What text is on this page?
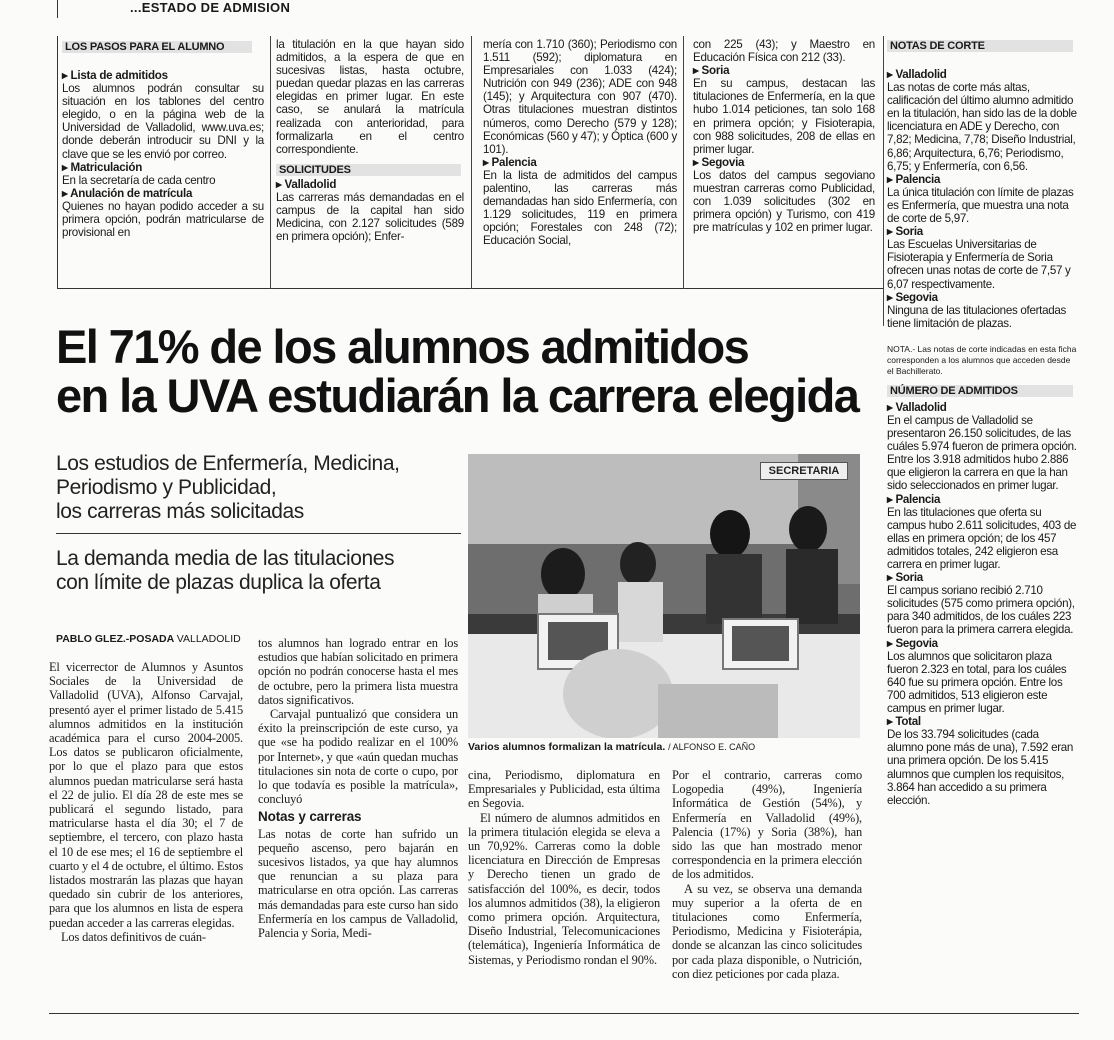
...ESTADO DE ADMISION
LOS PASOS PARA EL ALUMNO
▸ Lista de admitidos

Los alumnos podrán consultar su situación en los tablones del centro elegido, o en la página web de la Universidad de Valladolid, www.uva.es; donde deberán introducir su DNI y la clave que se les envió por correo.

▸ Matriculación

En la secretaría de cada centro

▸ Anulación de matrícula

Quienes no hayan podido acceder a su primera opción, podrán matricularse de provisional en

la titulación en la que hayan sido admitidos, a la espera de que en sucesivas listas, hasta octubre, puedan quedar plazas en las carreras elegidas en primer lugar. En este caso, se anulará la matrícula realizada con anterioridad, para formalizarla en el centro correspondiente.

SOLICITUDES
▸ Valladolid

Las carreras más demandadas en el campus de la capital han sido Medicina, con 2.127 solicitudes (589 en primera opción); Enfer-

mería con 1.710 (360); Periodismo con 1.511 (592); diplomatura en Empresariales con 1.033 (424); Nutrición con 949 (236); ADE con 948 (145); y Arquitectura con 907 (470). Otras titulaciones muestran distintos números, como Derecho (579 y 128); Económicas (560 y 47); y Óptica (600 y 101).

▸ Palencia

En la lista de admitidos del campus palentino, las carreras más demandadas han sido Enfermería, con 1.129 solicitudes, 119 en primera opción; Forestales con 248 (72); Educación Social,

con 225 (43); y Maestro en Educación Física con 212 (33).

▸ Soria

En su campus, destacan las titulaciones de Enfermería, en la que hubo 1.014 peticiones, tan solo 168 en primera opción; y Fisioterapia, con 988 solicitudes, 208 de ellas en primer lugar.

▸ Segovia

Los datos del campus segoviano muestran carreras como Publicidad, con 1.039 solicitudes (302 en primera opción) y Turismo, con 419 pre matrículas y 102 en primer lugar.

El 71% de los alumnos admitidos
en la UVA estudiarán la carrera elegida
Los estudios de Enfermería, Medicina,
Periodismo y Publicidad,
los carreras más solicitadas
La demanda media de las titulaciones
con límite de plazas duplica la oferta
PABLO GLEZ.-POSADA VALLADOLID

El vicerrector de Alumnos y Asuntos Sociales de la Universidad de Valladolid (UVA), Alfonso Carvajal, presentó ayer el primer listado de 5.415 alumnos admitidos en la institución académica para el curso 2004-2005. Los datos se publicaron oficialmente, por lo que el plazo para que estos alumnos puedan matricularse será hasta el 22 de julio. El día 28 de este mes se publicará el segundo listado, para matricularse hasta el día 30; el 7 de septiembre, el tercero, con plazo hasta el 10 de ese mes; el 16 de septiembre el cuarto y el 4 de octubre, el último. Estos listados mostrarán las plazas que hayan quedado sin cubrir de los anteriores, para que los alumnos en lista de espera puedan acceder a las carreras elegidas.

Los datos definitivos de cuán-

tos alumnos han logrado entrar en los estudios que habían solicitado en primera opción no podrán conocerse hasta el mes de octubre, pero la primera lista muestra datos significativos.

Carvajal puntualizó que considera un éxito la preinscripción de este curso, ya que «se ha podido realizar en el 100% por Internet», y que «aún quedan muchas titulaciones sin nota de corte o cupo, por lo que todavía es posible la matrícula», concluyó

Notas y carreras

Las notas de corte han sufrido un pequeño ascenso, pero bajarán en sucesivos listados, ya que hay alumnos que renuncian a su plaza para matricularse en otra opción. Las carreras más demandadas para este curso han sido Enfermería en los campus de Valladolid, Palencia y Soria, Medi-

SECRETARIA
Varios alumnos formalizan la matrícula. / ALFONSO E. CAÑO

cina, Periodismo, diplomatura en Empresariales y Publicidad, esta última en Segovia.

El número de alumnos admitidos en la primera titulación elegida se eleva a un 70,92%. Carreras como la doble licenciatura en Dirección de Empresas y Derecho tienen un grado de satisfacción del 100%, es decir, todos los alumnos admitidos (38), la eligieron como primera opción. Arquitectura, Diseño Industrial, Telecomunicaciones (telemática), Ingeniería Informática de Sistemas, y Periodismo rondan el 90%.

Por el contrario, carreras como Logopedia (49%), Ingeniería Informática de Gestión (54%), y Enfermería en Valladolid (49%), Palencia (17%) y Soria (38%), han sido las que han mostrado menor correspondencia en la primera elección de los admitidos.

A su vez, se observa una demanda muy superior a la oferta de en titulaciones como Enfermería, Periodismo, Medicina y Fisioterápia, donde se alcanzan las cinco solicitudes por cada plaza disponible, o Nutrición, con diez peticiones por cada plaza.

NOTAS DE CORTE
▸ Valladolid

Las notas de corte más altas, calificación del último alumno admitido en la titulación, han sido las de la doble licenciatura en ADE y Derecho, con 7,82; Medicina, 7,78; Diseño Industrial, 6,86; Arquitectura, 6,76; Periodismo, 6,75; y Enfermería, con 6,56.

▸ Palencia

La única titulación con límite de plazas es Enfermería, que muestra una nota de corte de 5,97.

▸ Soria

Las Escuelas Universitarias de Fisioterapia y Enfermería de Soria ofrecen unas notas de corte de 7,57 y 6,07 respectivamente.

▸ Segovia

Ninguna de las titulaciones ofertadas tiene limitación de plazas.

NOTA.- Las notas de corte indicadas en esta ficha corresponden a los alumnos que acceden desde el Bachillerato.

NÚMERO DE ADMITIDOS
▸ Valladolid

En el campus de Valladolid se presentaron 26.150 solicitudes, de las cuáles 5.974 fueron de primera opción. Entre los 3.918 admitidos hubo 2.886 que eligieron la carrera en que la han sido seleccionados en primer lugar.

▸ Palencia

En las titulaciones que oferta su campus hubo 2.611 solicitudes, 403 de ellas en primera opción; de los 457 admitidos totales, 242 eligieron esa carrera en primer lugar.

▸ Soria

El campus soriano recibió 2.710 solicitudes (575 como primera opción), para 340 admitidos, de los cuáles 223 fueron para la primera carrera elegida.

▸ Segovia

Los alumnos que solicitaron plaza fueron 2.323 en total, para los cuáles 640 fue su primera opción. Entre los 700 admitidos, 513 eligieron este campus en primer lugar.

▸ Total

De los 33.794 solicitudes (cada alumno pone más de una), 7.592 eran una primera opción. De los 5.415 alumnos que cumplen los requisitos, 3.864 han accedido a su primera elección.
